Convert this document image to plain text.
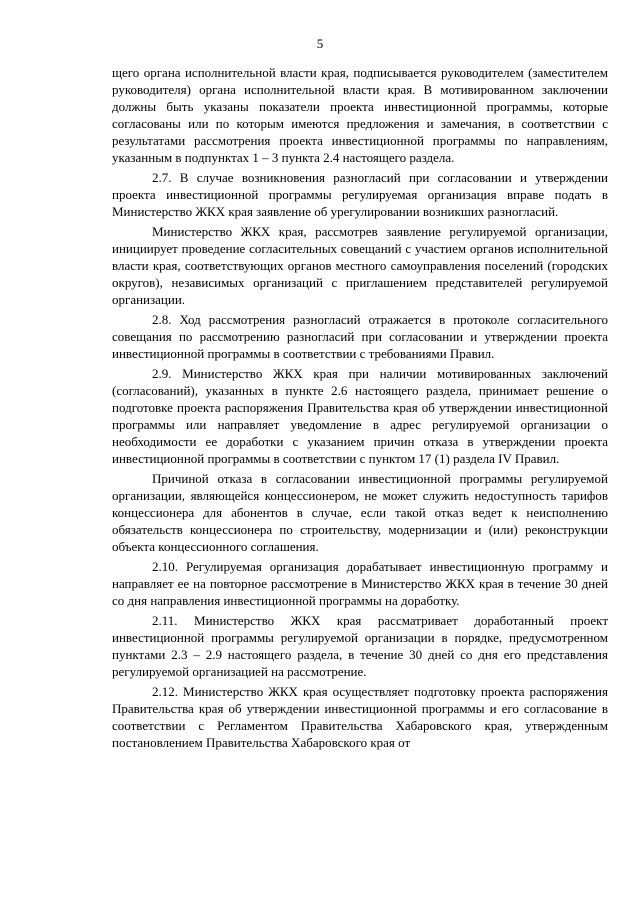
5

щего органа исполнительной власти края, подписывается руководителем (заместителем руководителя) органа исполнительной власти края. В мотивированном заключении должны быть указаны показатели проекта инвестиционной программы, которые согласованы или по которым имеются предложения и замечания, в соответствии с результатами рассмотрения проекта инвестиционной программы по направлениям, указанным в подпунктах 1 – 3 пункта 2.4 настоящего раздела.

2.7. В случае возникновения разногласий при согласовании и утверждении проекта инвестиционной программы регулируемая организация вправе подать в Министерство ЖКХ края заявление об урегулировании возникших разногласий.

Министерство ЖКХ края, рассмотрев заявление регулируемой организации, инициирует проведение согласительных совещаний с участием органов исполнительной власти края, соответствующих органов местного самоуправления поселений (городских округов), независимых организаций с приглашением представителей регулируемой организации.

2.8. Ход рассмотрения разногласий отражается в протоколе согласительного совещания по рассмотрению разногласий при согласовании и утверждении проекта инвестиционной программы в соответствии с требованиями Правил.

2.9. Министерство ЖКХ края при наличии мотивированных заключений (согласований), указанных в пункте 2.6 настоящего раздела, принимает решение о подготовке проекта распоряжения Правительства края об утверждении инвестиционной программы или направляет уведомление в адрес регулируемой организации о необходимости ее доработки с указанием причин отказа в утверждении проекта инвестиционной программы в соответствии с пунктом 17 (1) раздела IV Правил.

Причиной отказа в согласовании инвестиционной программы регулируемой организации, являющейся концессионером, не может служить недоступность тарифов концессионера для абонентов в случае, если такой отказ ведет к неисполнению обязательств концессионера по строительству, модернизации и (или) реконструкции объекта концессионного соглашения.

2.10. Регулируемая организация дорабатывает инвестиционную программу и направляет ее на повторное рассмотрение в Министерство ЖКХ края в течение 30 дней со дня направления инвестиционной программы на доработку.

2.11. Министерство ЖКХ края рассматривает доработанный проект инвестиционной программы регулируемой организации в порядке, предусмотренном пунктами 2.3 – 2.9 настоящего раздела, в течение 30 дней со дня его представления регулируемой организацией на рассмотрение.

2.12. Министерство ЖКХ края осуществляет подготовку проекта распоряжения Правительства края об утверждении инвестиционной программы и его согласование в соответствии с Регламентом Правительства Хабаровского края, утвержденным постановлением Правительства Хабаровского края от
